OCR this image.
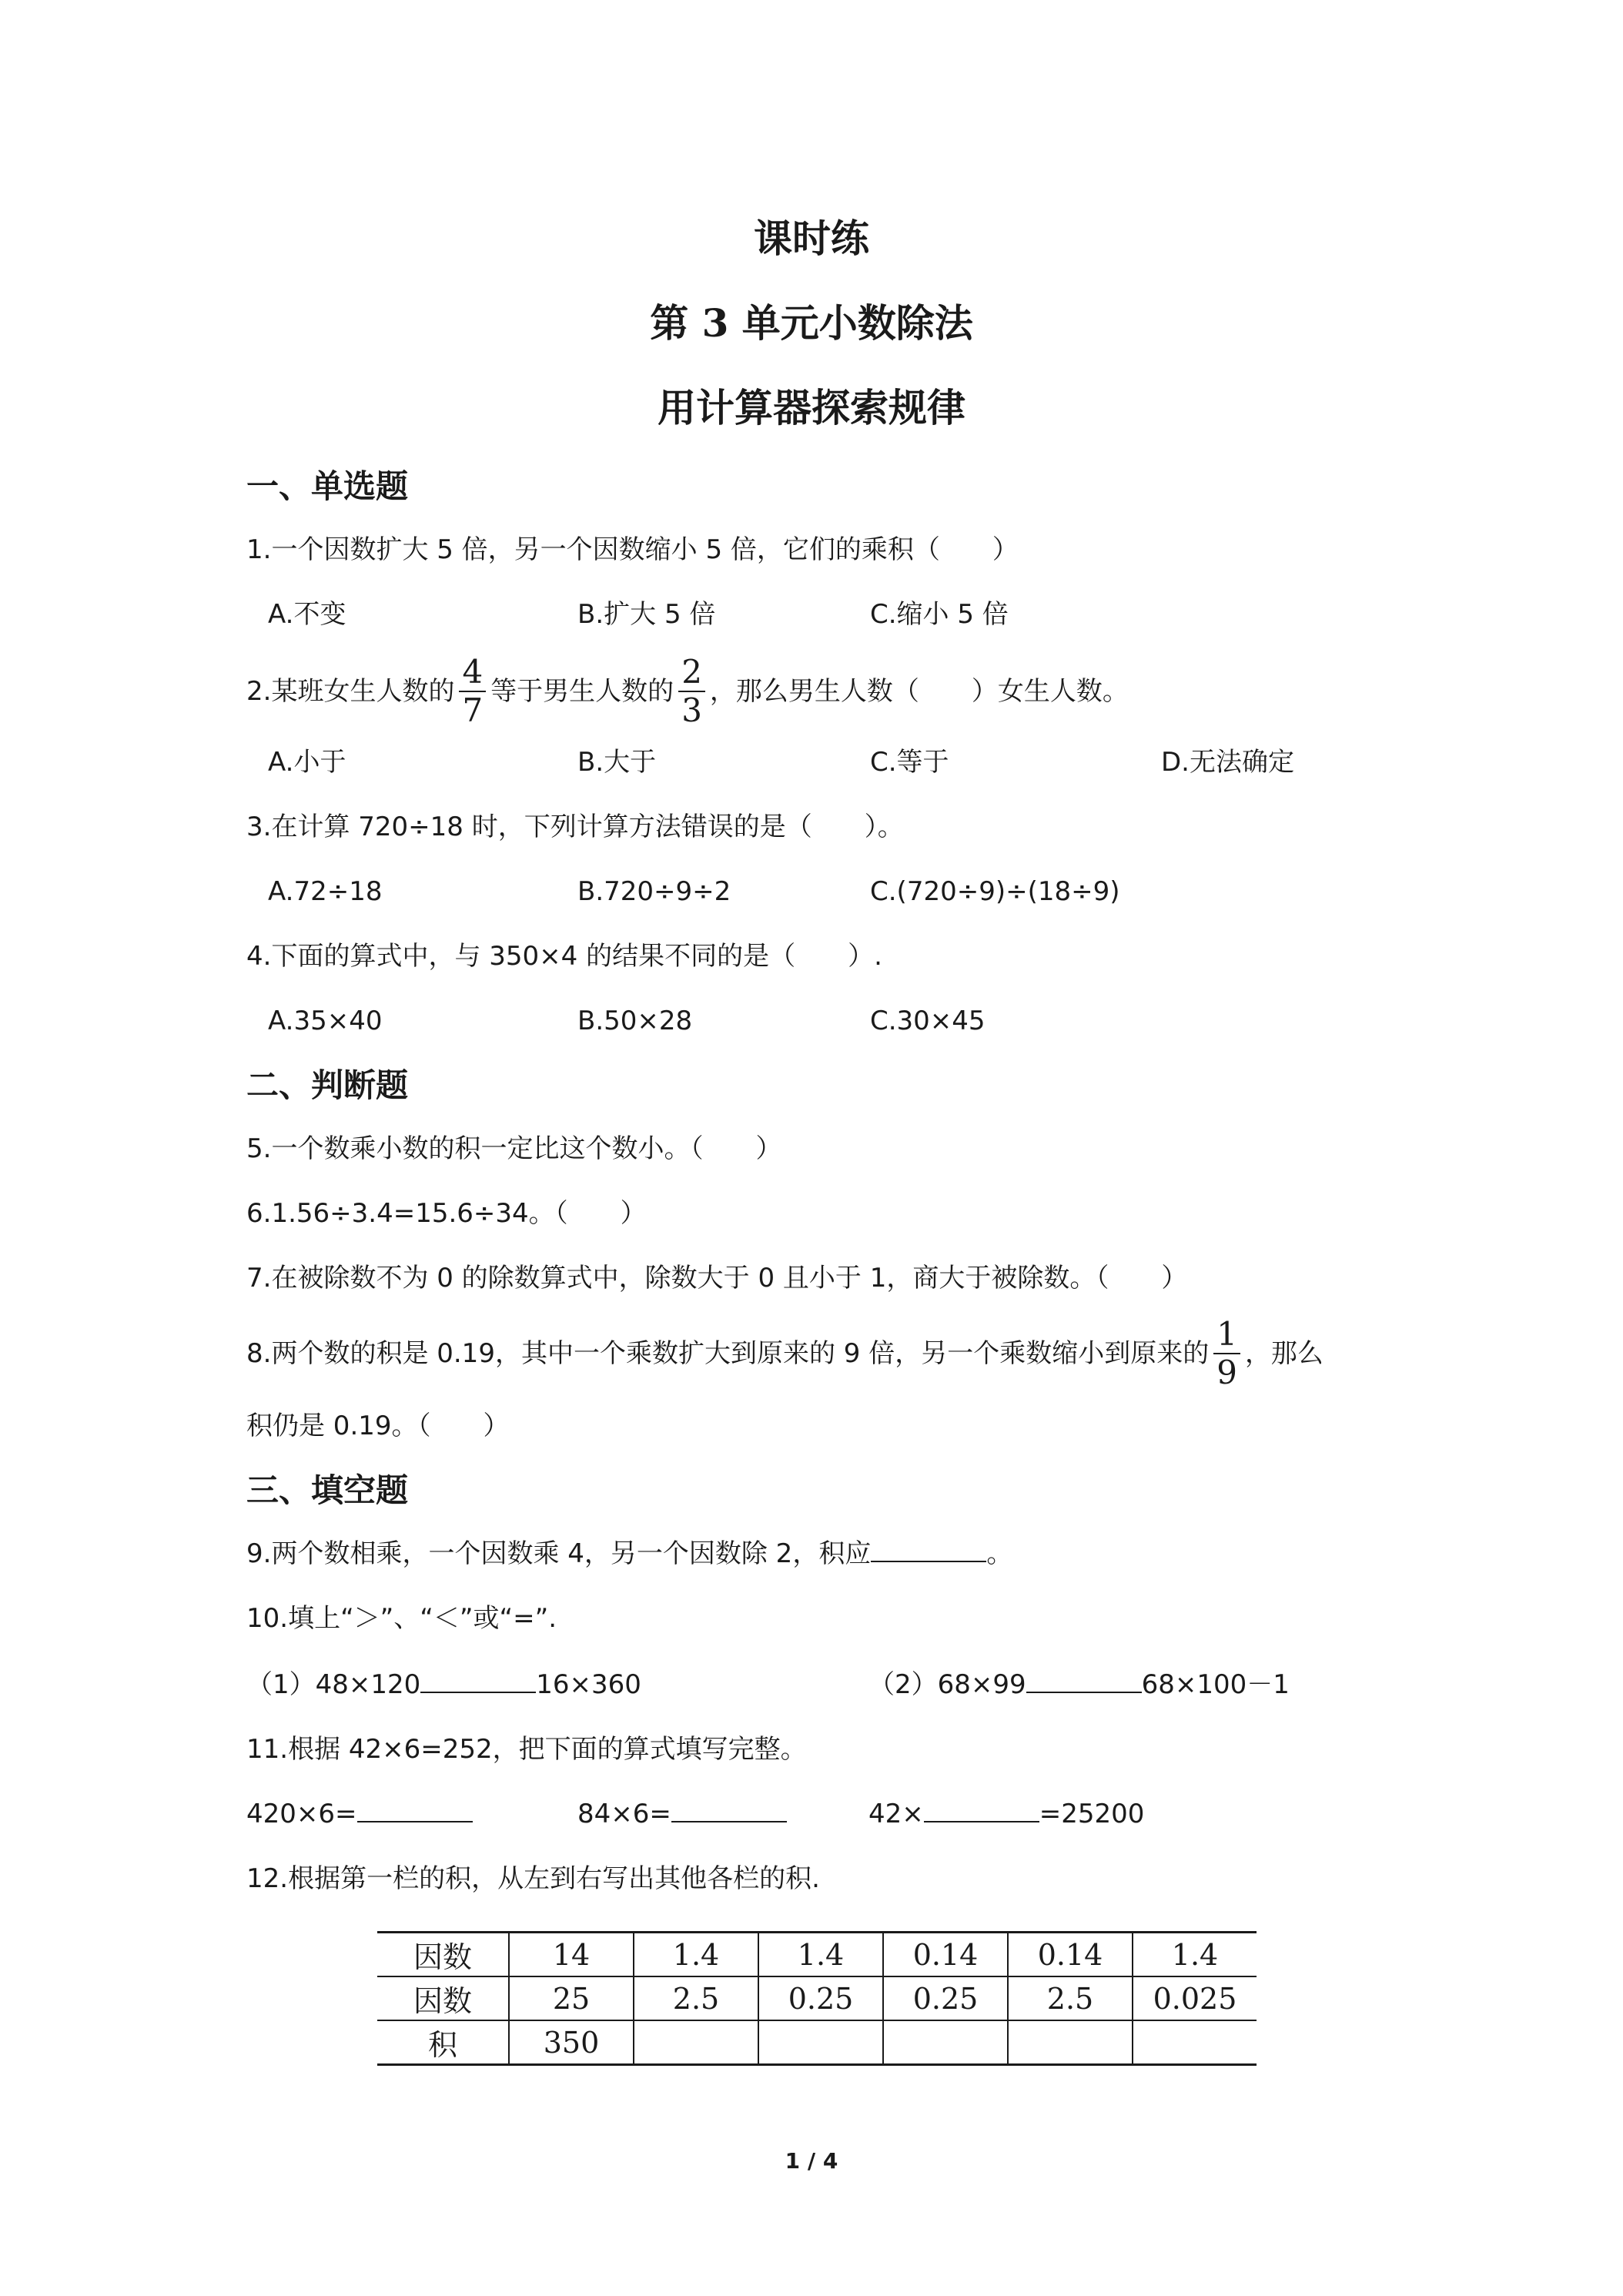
课时练
第 3 单元小数除法
用计算器探索规律
一、单选题
1.一个因数扩大 5 倍，另一个因数缩小 5 倍，它们的乘积（　　）
A.不变	B.扩大 5 倍	C.缩小 5 倍
2.某班女生人数的 $\frac{4}{7}$ 等于男生人数的 $\frac{2}{3}$ ，那么男生人数（　　）女生人数。
A.小于	B.大于	C.等于	D.无法确定
3.在计算 720÷18 时，下列计算方法错误的是（　　）。
A.72÷18	B.720÷9÷2	C.(720÷9)÷(18÷9)
4.下面的算式中，与 350×4 的结果不同的是（　　）.
A.35×40	B.50×28	C.30×45
二、判断题
5.一个数乘小数的积一定比这个数小。（　　）
6.1.56÷3.4=15.6÷34。（　　）
7.在被除数不为 0 的除数算式中，除数大于 0 且小于 1，商大于被除数。（　　）
8.两个数的积是 0.19，其中一个乘数扩大到原来的 9 倍，另一个乘数缩小到原来的 $\frac{1}{9}$ ，那么
积仍是 0.19。（　　）
三、填空题
9.两个数相乘，一个因数乘 4，另一个因数除 2，积应	。
10.填上“＞”、“＜”或“=”.
（1）48×120	16×360	（2）68×99	68×100－1
11.根据 42×6=252，把下面的算式填写完整。
420×6=	84×6=	42×	=25200
12.根据第一栏的积，从左到右写出其他各栏的积.
因数	14	1.4	1.4	0.14	0.14	1.4
因数	25	2.5	0.25	0.25	2.5	0.025
积	350					
1 / 4
